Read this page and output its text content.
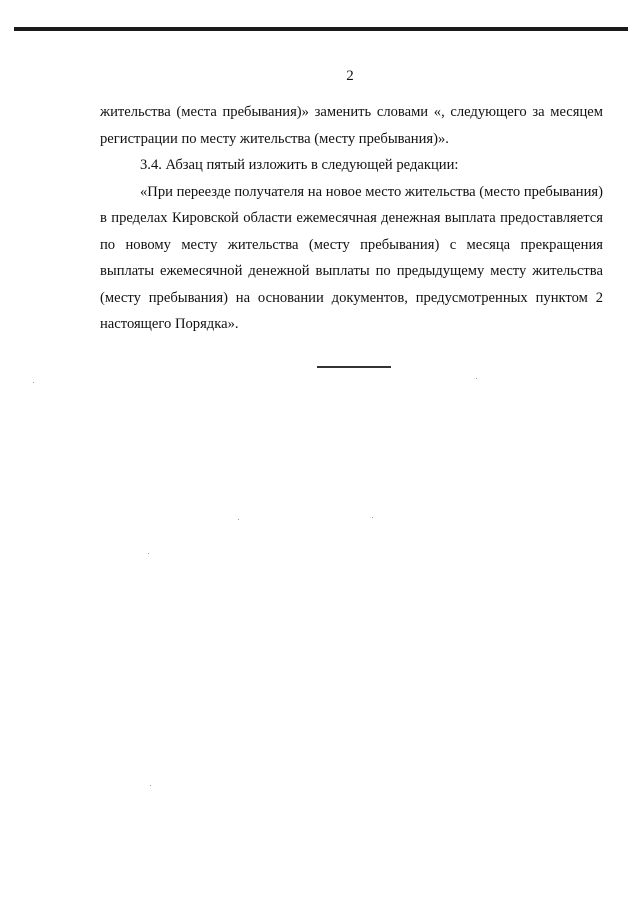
2

жительства (места пребывания)» заменить словами «, следующего за месяцем регистрации по месту жительства (месту пребывания)».

3.4. Абзац пятый изложить в следующей редакции:

«При переезде получателя на новое место жительства (место пребывания) в пределах Кировской области ежемесячная денежная выплата предоставляется по новому месту жительства (месту пребывания) с месяца прекращения выплаты ежемесячной денежной выплаты по предыдущему месту жительства (месту пребывания) на основании документов, предусмотренных пунктом 2 настоящего Порядка».
